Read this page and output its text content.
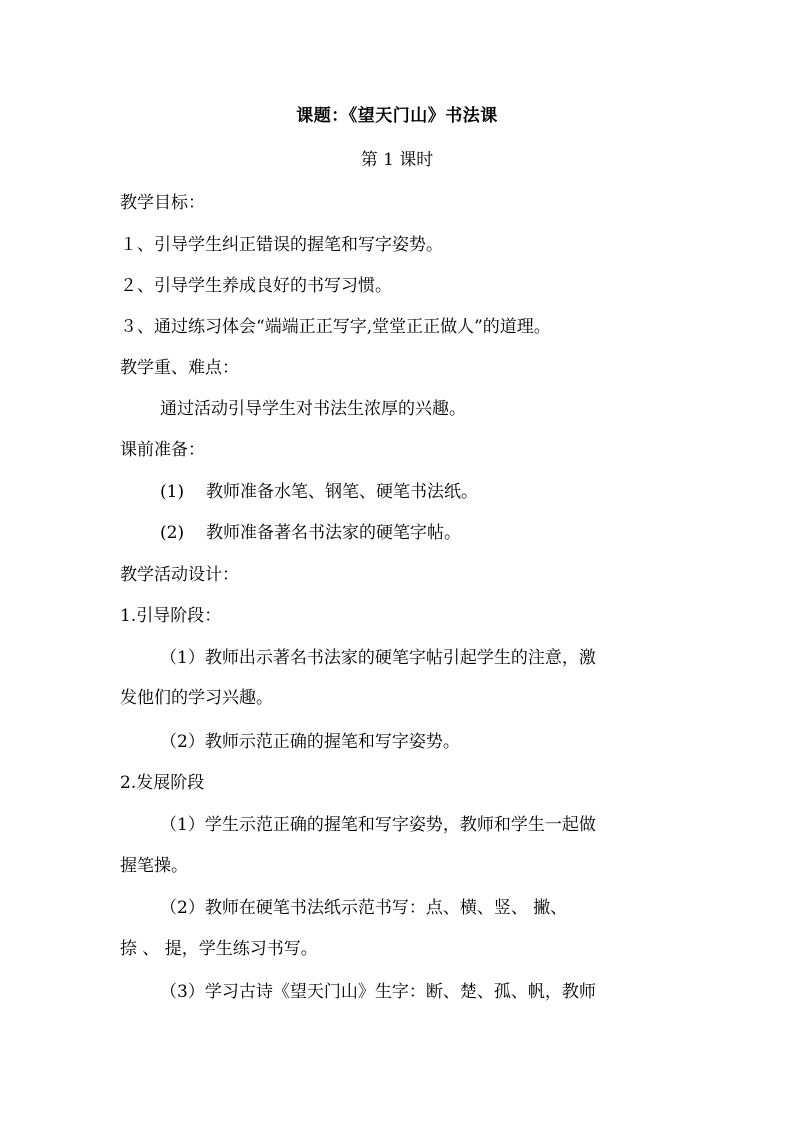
课题：《望天门山》书法课
第 1 课时
教学目标：
１、引导学生纠正错误的握笔和写字姿势。
２、引导学生养成良好的书写习惯。
３、通过练习体会“端端正正写字,堂堂正正做人”的道理。
教学重、难点：
通过活动引导学生对书法生浓厚的兴趣。
课前准备：
(1) 教师准备水笔、钢笔、硬笔书法纸。
(2) 教师准备著名书法家的硬笔字帖。
教学活动设计：
1.引导阶段：
（1）教师出示著名书法家的硬笔字帖引起学生的注意，激
发他们的学习兴趣。
（2）教师示范正确的握笔和写字姿势。
2.发展阶段
（1）学生示范正确的握笔和写字姿势，教师和学生一起做
握笔操。
（2）教师在硬笔书法纸示范书写：点、横、竖、 撇、
捺 、 提，学生练习书写。
（3）学习古诗《望天门山》生字：断、楚、孤、帆，教师
